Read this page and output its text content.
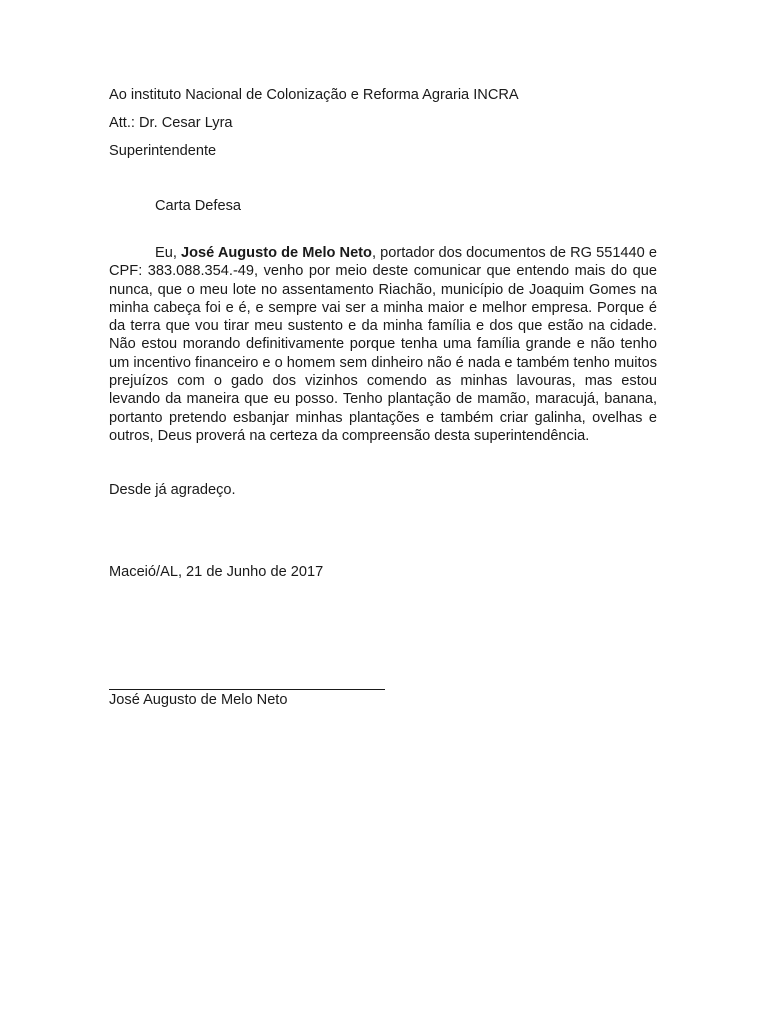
Ao instituto Nacional de Colonização e Reforma Agraria INCRA
Att.: Dr. Cesar Lyra
Superintendente
Carta Defesa

Eu, José Augusto de Melo Neto, portador dos documentos de RG 551440 e CPF: 383.088.354.-49, venho por meio deste comunicar que entendo mais do que nunca, que o meu lote no assentamento Riachão, município de Joaquim Gomes na minha cabeça foi e é, e sempre vai ser a minha maior e melhor empresa. Porque é da terra que vou tirar meu sustento e da minha família e dos que estão na cidade. Não estou morando definitivamente porque tenha uma família grande e não tenho um incentivo financeiro e o homem sem dinheiro não é nada e também tenho muitos prejuízos com o gado dos vizinhos comendo as minhas lavouras, mas estou levando da maneira que eu posso. Tenho plantação de mamão, maracujá, banana, portanto pretendo esbanjar minhas plantações e também criar galinha, ovelhas e outros, Deus proverá na certeza da compreensão desta superintendência.

Desde já agradeço.
Maceió/AL, 21 de Junho de 2017
José Augusto de Melo Neto
